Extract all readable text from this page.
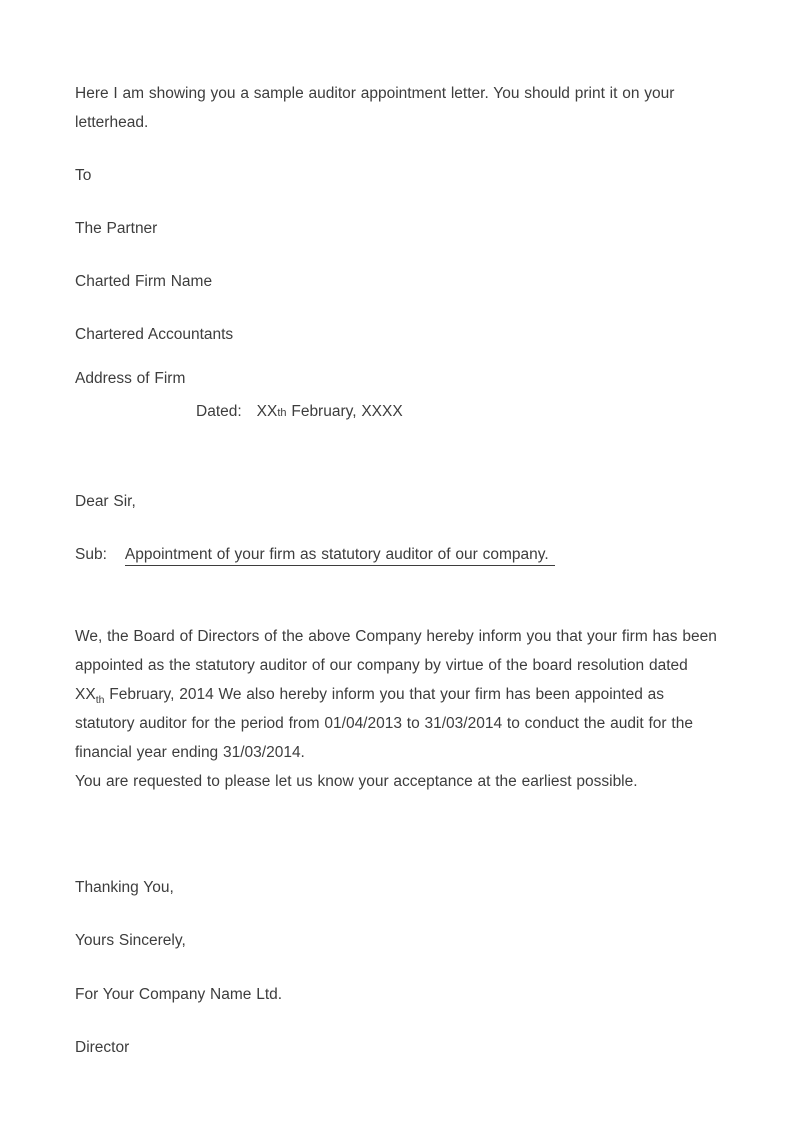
Here I am showing you a sample auditor appointment letter. You should print it on your letterhead.

To

The Partner

Charted Firm Name

Chartered Accountants

Address of Firm

Dated: XXth February, XXXX

Dear Sir,

Sub: Appointment of your firm as statutory auditor of our company.

We, the Board of Directors of the above Company hereby inform you that your firm has been appointed as the statutory auditor of our company by virtue of the board resolution dated $XX_{th}$ February, 2014 We also hereby inform you that your firm has been appointed as statutory auditor for the period from 01/04/2013 to 31/03/2014 to conduct the audit for the financial year ending 31/03/2014.

You are requested to please let us know your acceptance at the earliest possible.

Thanking You,

Yours Sincerely,

For Your Company Name Ltd.

Director
